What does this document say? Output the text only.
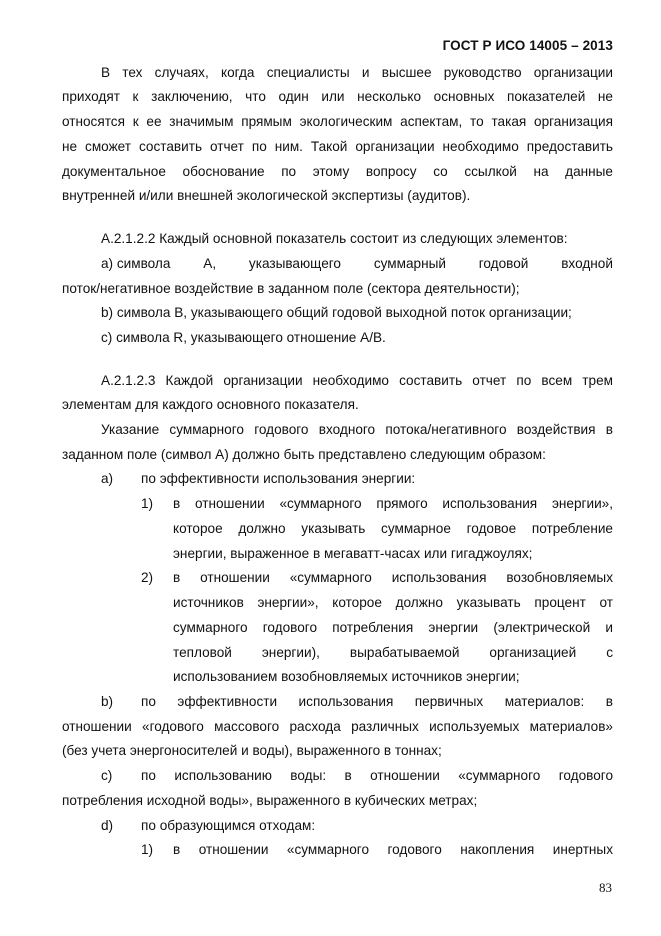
ГОСТ Р ИСО 14005 – 2013
В тех случаях, когда специалисты и высшее руководство организации
приходят к заключению, что один или несколько основных показателей не
относятся к ее значимым прямым экологическим аспектам, то такая организация
не сможет составить отчет по ним. Такой организации необходимо предоставить
документальное обоснование по этому вопросу со ссылкой на данные
внутренней и/или внешней экологической экспертизы (аудитов).
А.2.1.2.2 Каждый основной показатель состоит из следующих элементов:
а) символа А, указывающего суммарный годовой входной
поток/негативное воздействие в заданном поле (сектора деятельности);
b) символа В, указывающего общий годовой выходной поток организации;
с) символа R, указывающего отношение А/В.
А.2.1.2.3 Каждой организации необходимо составить отчет по всем трем
элементам для каждого основного показателя.
Указание суммарного годового входного потока/негативного воздействия в
заданном поле (символ А) должно быть представлено следующим образом:
а) по эффективности использования энергии:
1) в отношении «суммарного прямого использования энергии»,
которое должно указывать суммарное годовое потребление
энергии, выраженное в мегаватт-часах или гигаджоулях;
2) в отношении «суммарного использования возобновляемых
источников энергии», которое должно указывать процент от
суммарного годового потребления энергии (электрической и
тепловой энергии), вырабатываемой организацией с
использованием возобновляемых источников энергии;
b) по эффективности использования первичных материалов: в
отношении «годового массового расхода различных используемых материалов»
(без учета энергоносителей и воды), выраженного в тоннах;
с) по использованию воды: в отношении «суммарного годового
потребления исходной воды», выраженного в кубических метрах;
d) по образующимся отходам:
1) в отношении «суммарного годового накопления инертных
83
